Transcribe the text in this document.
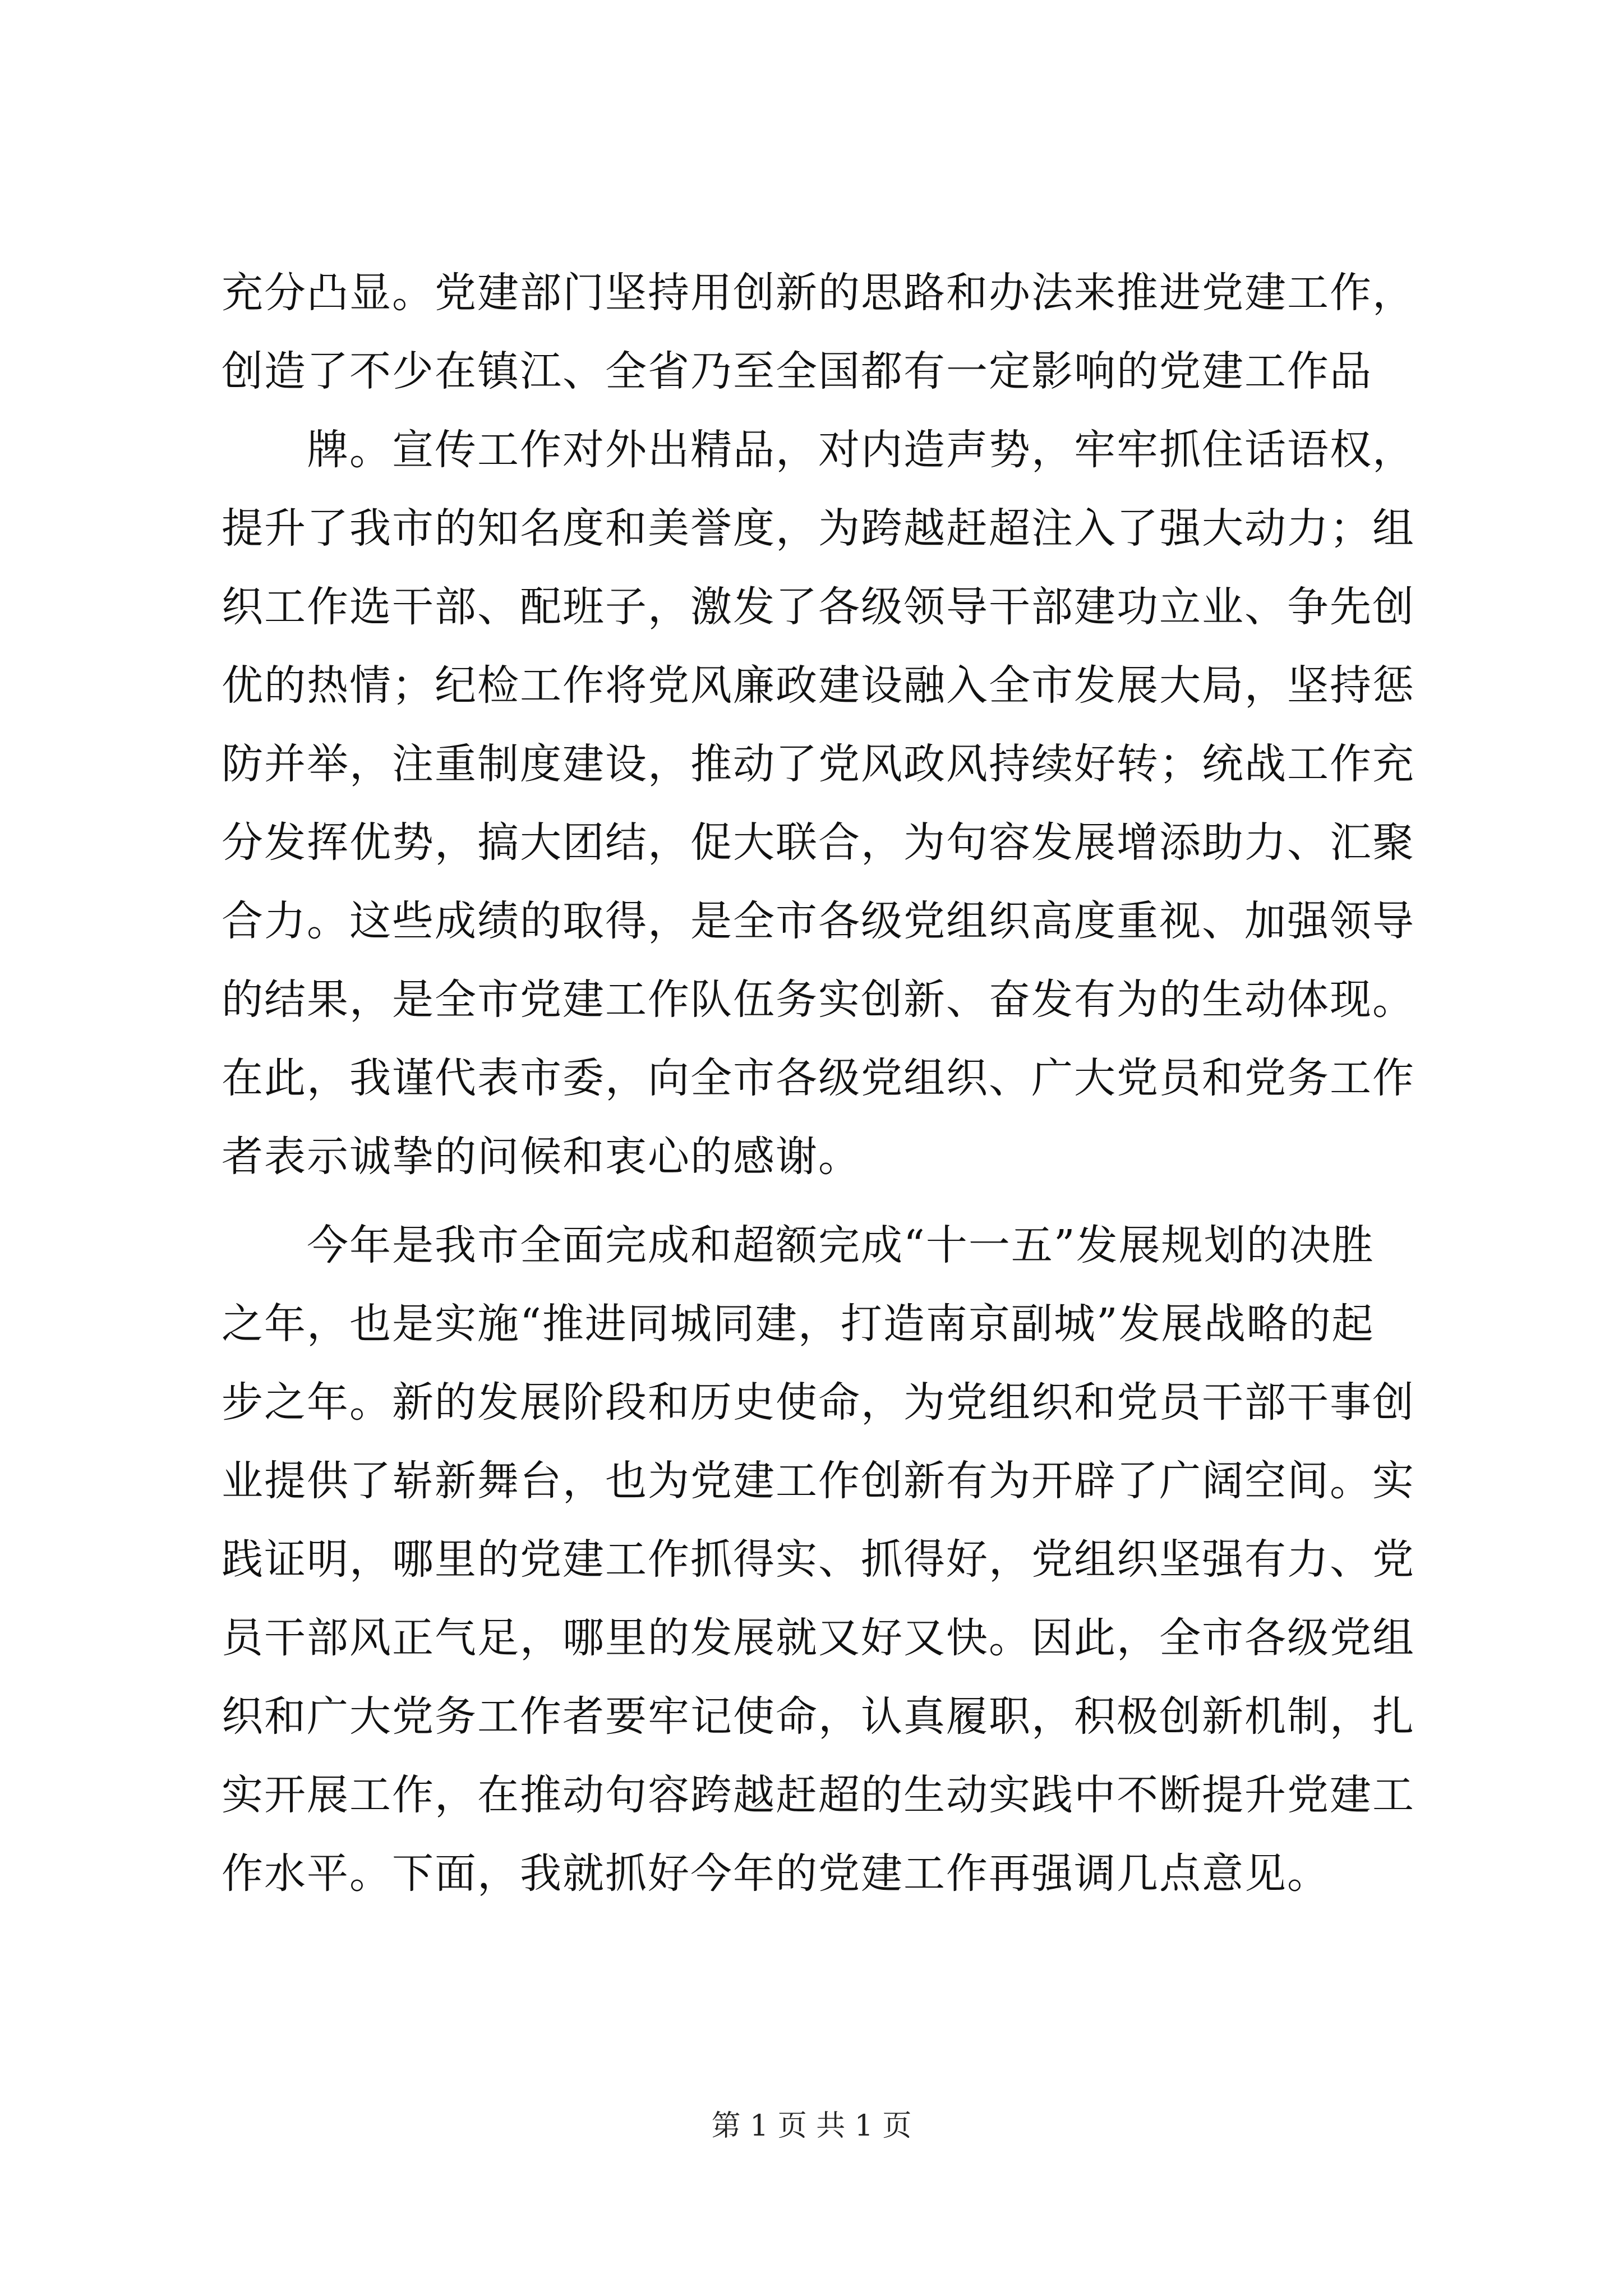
充分凸显。党建部门坚持用创新的思路和办法来推进党建工作，
创造了不少在镇江、全省乃至全国都有一定影响的党建工作品
　　牌。宣传工作对外出精品，对内造声势，牢牢抓住话语权，
提升了我市的知名度和美誉度，为跨越赶超注入了强大动力；组
织工作选干部、配班子，激发了各级领导干部建功立业、争先创
优的热情；纪检工作将党风廉政建设融入全市发展大局，坚持惩
防并举，注重制度建设，推动了党风政风持续好转；统战工作充
分发挥优势，搞大团结，促大联合，为句容发展增添助力、汇聚
合力。这些成绩的取得，是全市各级党组织高度重视、加强领导
的结果，是全市党建工作队伍务实创新、奋发有为的生动体现。
在此，我谨代表市委，向全市各级党组织、广大党员和党务工作
者表示诚挚的问候和衷心的感谢。
　　今年是我市全面完成和超额完成“十一五”发展规划的决胜
之年，也是实施“推进同城同建，打造南京副城”发展战略的起
步之年。新的发展阶段和历史使命，为党组织和党员干部干事创
业提供了崭新舞台，也为党建工作创新有为开辟了广阔空间。实
践证明，哪里的党建工作抓得实、抓得好，党组织坚强有力、党
员干部风正气足，哪里的发展就又好又快。因此，全市各级党组
织和广大党务工作者要牢记使命，认真履职，积极创新机制，扎
实开展工作，在推动句容跨越赶超的生动实践中不断提升党建工
作水平。下面，我就抓好今年的党建工作再强调几点意见。
第 1 页 共 1 页
